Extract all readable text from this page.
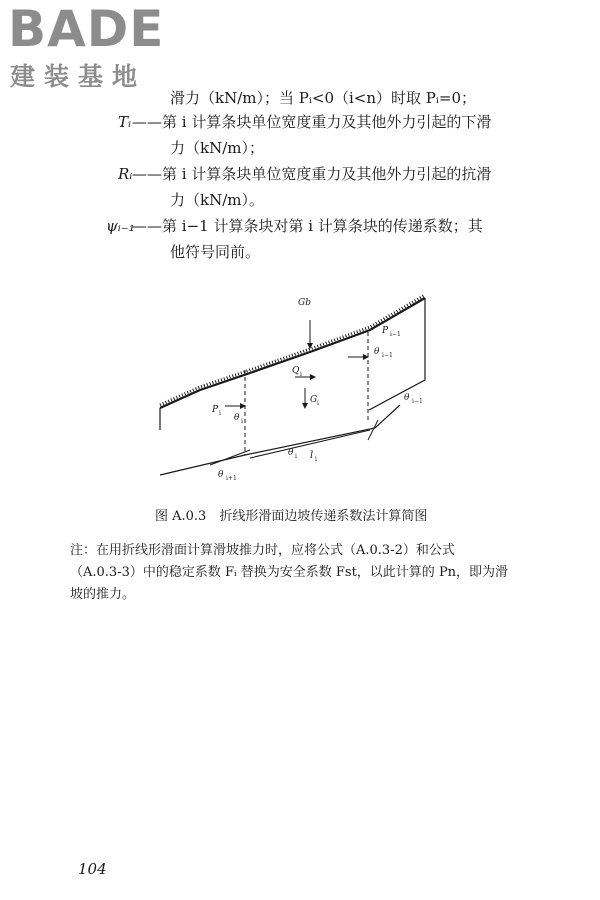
BADE
建装基地
滑力（kN/m）；当 Pᵢ<0（i<n）时取 Pᵢ=0；
Tᵢ ——第 i 计算条块单位宽度重力及其他外力引起的下滑
力（kN/m）；
Rᵢ ——第 i 计算条块单位宽度重力及其他外力引起的抗滑
力（kN/m）。
ψᵢ₋₁
——第 i−1 计算条块对第 i 计算条块的传递系数；其
他符号同前。
Gb
P i−1
θ i−1
Q i
G i
P i θ i
θ i l i
θ i−1
θ i+1
图 A.0.3　折线形滑面边坡传递系数法计算简图
注：在用折线形滑面计算滑坡推力时，应将公式（A.0.3-2）和公式
（A.0.3-3）中的稳定系数 Fᵢ 替换为安全系数 Fst，以此计算的 Pn，即为滑
坡的推力。
104
